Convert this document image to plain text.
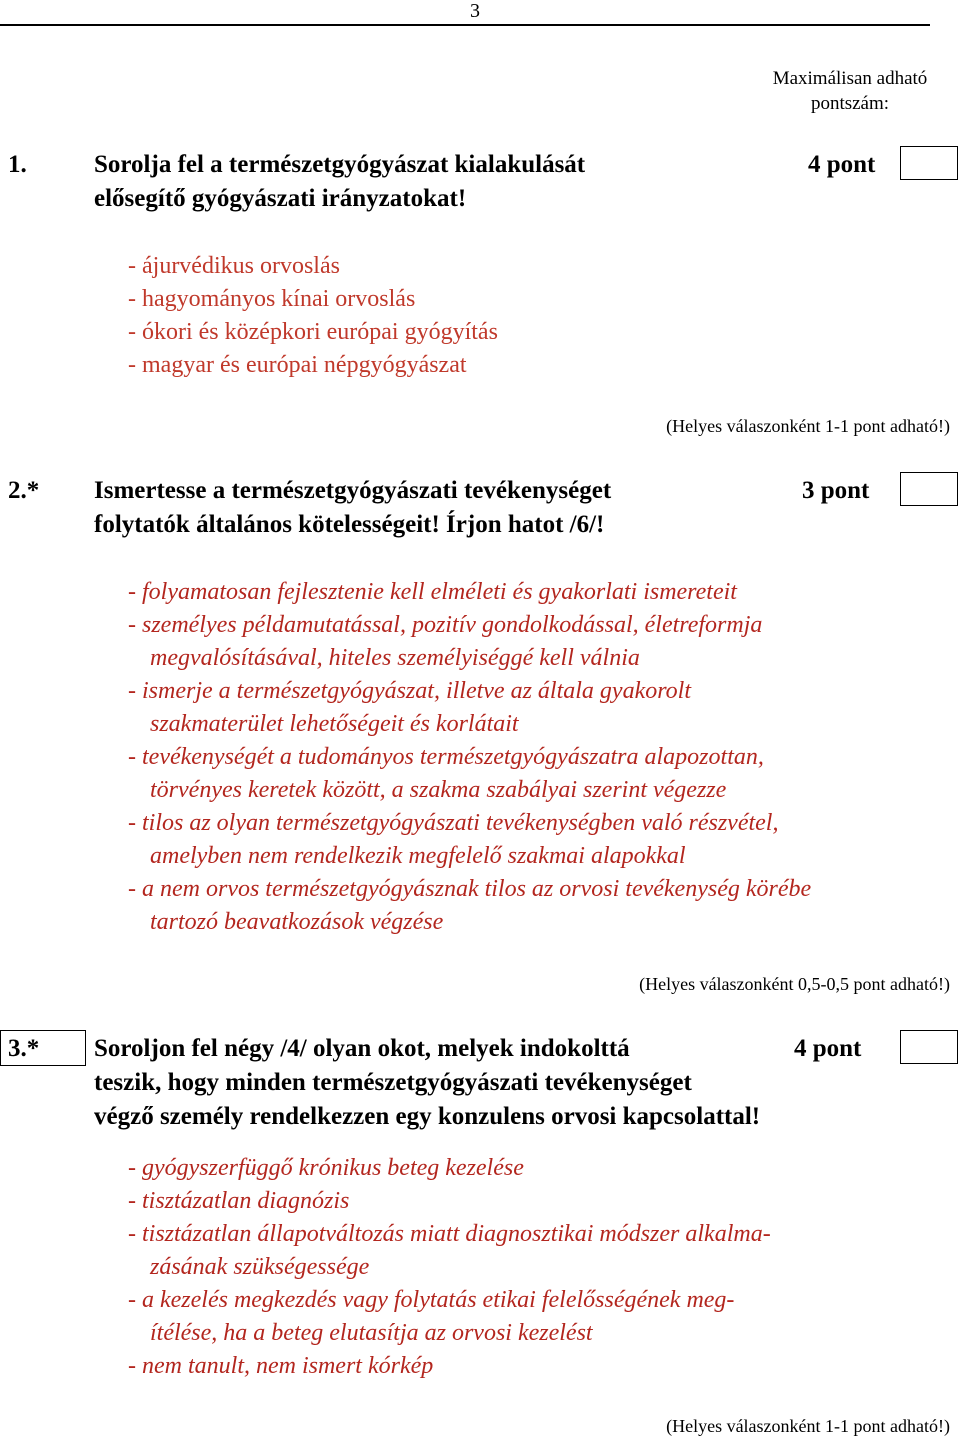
3
Maximálisan adható pontszám:
1.	Sorolja fel a természetgyógyászat kialakulását
elősegítő gyógyászati irányzatokat!
4 pont
- ájurvédikus orvoslás
- hagyományos kínai orvoslás
- ókori és középkori európai gyógyítás
- magyar és európai népgyógyászat
(Helyes válaszonként 1-1 pont adható!)
2.* Ismertesse a természetgyógyászati tevékenységet
folytatók általános kötelességeit! Írjon hatot /6/!
3 pont
- folyamatosan fejlesztenie kell elméleti és gyakorlati ismereteit
- személyes példamutatással, pozitív gondolkodással, életreformja
megvalósításával, hiteles személyiséggé kell válnia
- ismerje a természetgyógyászat, illetve az általa gyakorolt
szakmaterület lehetőségeit és korlátait
- tevékenységét a tudományos természetgyógyászatra alapozottan,
törvényes keretek között, a szakma szabályai szerint végezze
- tilos az olyan természetgyógyászati tevékenységben való részvétel,
amelyben nem rendelkezik megfelelő szakmai alapokkal
- a nem orvos természetgyógyásznak tilos az orvosi tevékenység körébe
tartozó beavatkozások végzése
(Helyes válaszonként 0,5-0,5 pont adható!)
3.* Soroljon fel négy /4/ olyan okot, melyek indokolttá
teszik, hogy minden természetgyógyászati tevékenységet
végző személy rendelkezzen egy konzulens orvosi kapcsolattal!
4 pont
- gyógyszerfüggő krónikus beteg kezelése
- tisztázatlan diagnózis
- tisztázatlan állapotváltozás miatt diagnosztikai módszer alkalma-
zásának szükségessége
- a kezelés megkezdés vagy folytatás etikai felelősségének meg-
ítélése, ha a beteg elutasítja az orvosi kezelést
- nem tanult, nem ismert kórkép
(Helyes válaszonként 1-1 pont adható!)
